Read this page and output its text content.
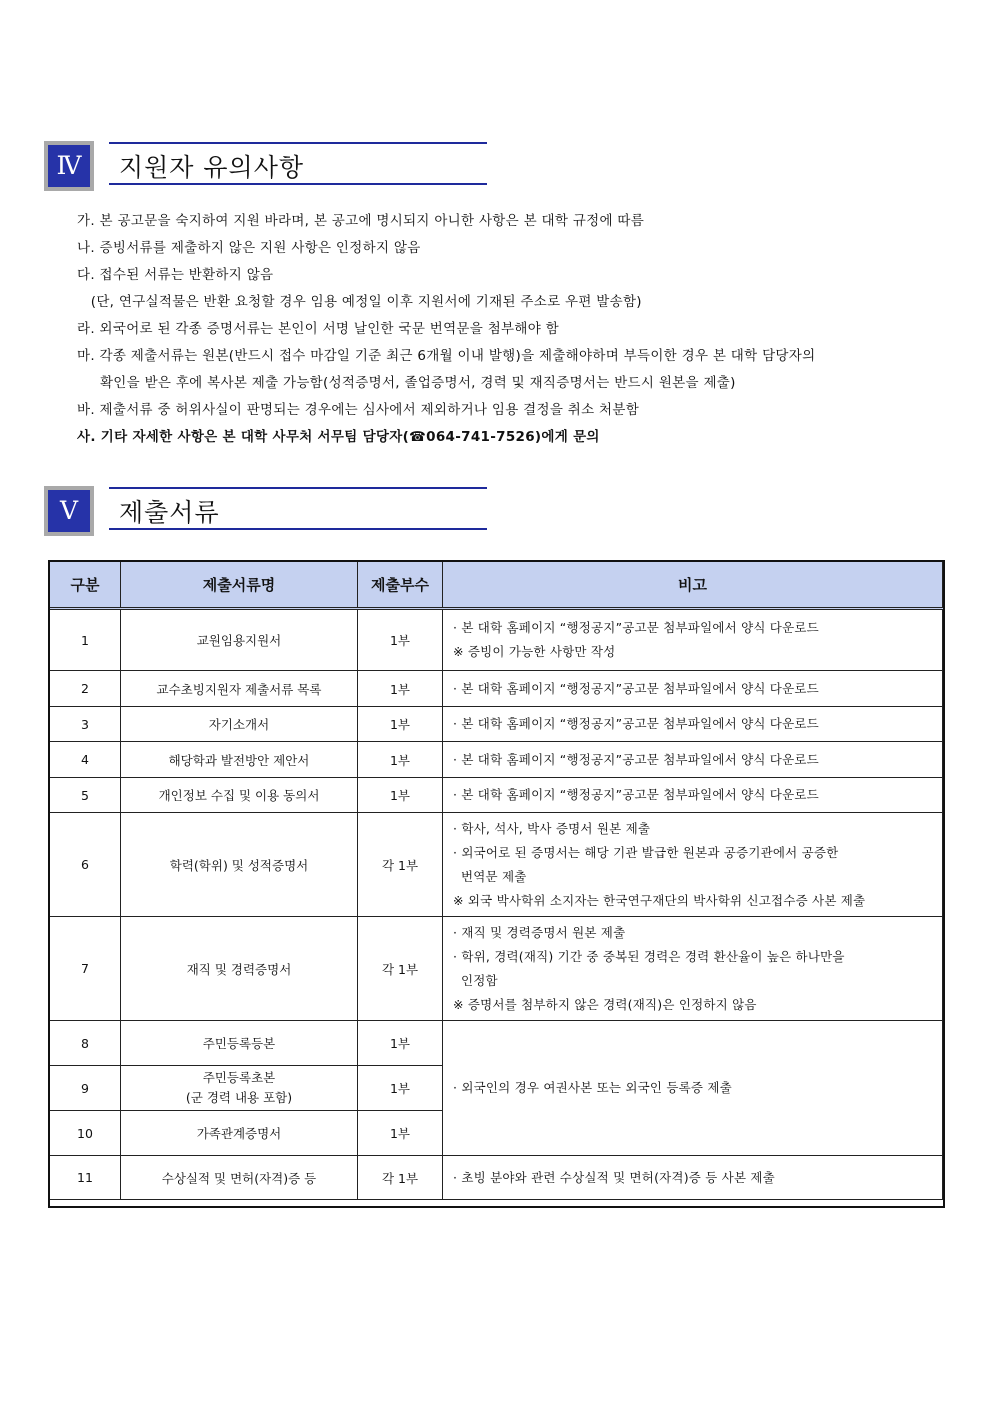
Ⅳ	지원자 유의사항
가. 본 공고문을 숙지하여 지원 바라며, 본 공고에 명시되지 아니한 사항은 본 대학 규정에 따름
나. 증빙서류를 제출하지 않은 지원 사항은 인정하지 않음
다. 접수된 서류는 반환하지 않음
(단, 연구실적물은 반환 요청할 경우 임용 예정일 이후 지원서에 기재된 주소로 우편 발송함)
라. 외국어로 된 각종 증명서류는 본인이 서명 날인한 국문 번역문을 첨부해야 함
마. 각종 제출서류는 원본(반드시 접수 마감일 기준 최근 6개월 이내 발행)을 제출해야하며 부득이한 경우 본 대학 담당자의
확인을 받은 후에 복사본 제출 가능함(성적증명서, 졸업증명서, 경력 및 재직증명서는 반드시 원본을 제출)
바. 제출서류 중 허위사실이 판명되는 경우에는 심사에서 제외하거나 임용 결정을 취소 처분함
사. 기타 자세한 사항은 본 대학 사무처 서무팀 담당자(☎064-741-7526)에게 문의
Ⅴ	제출서류
구분	제출서류명	제출부수	비고
1	교원임용지원서	1부	· 본 대학 홈페이지 “행정공지”공고문 첨부파일에서 양식 다운로드
※ 증빙이 가능한 사항만 작성

2	교수초빙지원자 제출서류 목록	1부	· 본 대학 홈페이지 “행정공지”공고문 첨부파일에서 양식 다운로드

3	자기소개서	1부	· 본 대학 홈페이지 “행정공지”공고문 첨부파일에서 양식 다운로드

4	해당학과 발전방안 제안서	1부	· 본 대학 홈페이지 “행정공지”공고문 첨부파일에서 양식 다운로드

5	개인정보 수집 및 이용 동의서	1부	· 본 대학 홈페이지 “행정공지”공고문 첨부파일에서 양식 다운로드

6	학력(학위) 및 성적증명서	각 1부	· 학사, 석사, 박사 증명서 원본 제출
· 외국어로 된 증명서는 해당 기관 발급한 원본과 공증기관에서 공증한
번역문 제출
※ 외국 박사학위 소지자는 한국연구재단의 박사학위 신고접수증 사본 제출

7	재직 및 경력증명서	각 1부	· 재직 및 경력증명서 원본 제출
· 학위, 경력(재직) 기간 중 중복된 경력은 경력 환산율이 높은 하나만을
인정함
※ 증명서를 첨부하지 않은 경력(재직)은 인정하지 않음

8	주민등록등본	1부	· 외국인의 경우 여권사본 또는 외국인 등록증 제출

9	주민등록초본
(군 경력 내용 포함)	1부	
10	가족관계증명서	1부	
11	수상실적 및 면허(자격)증 등	각 1부	· 초빙 분야와 관련 수상실적 및 면허(자격)증 등 사본 제출
